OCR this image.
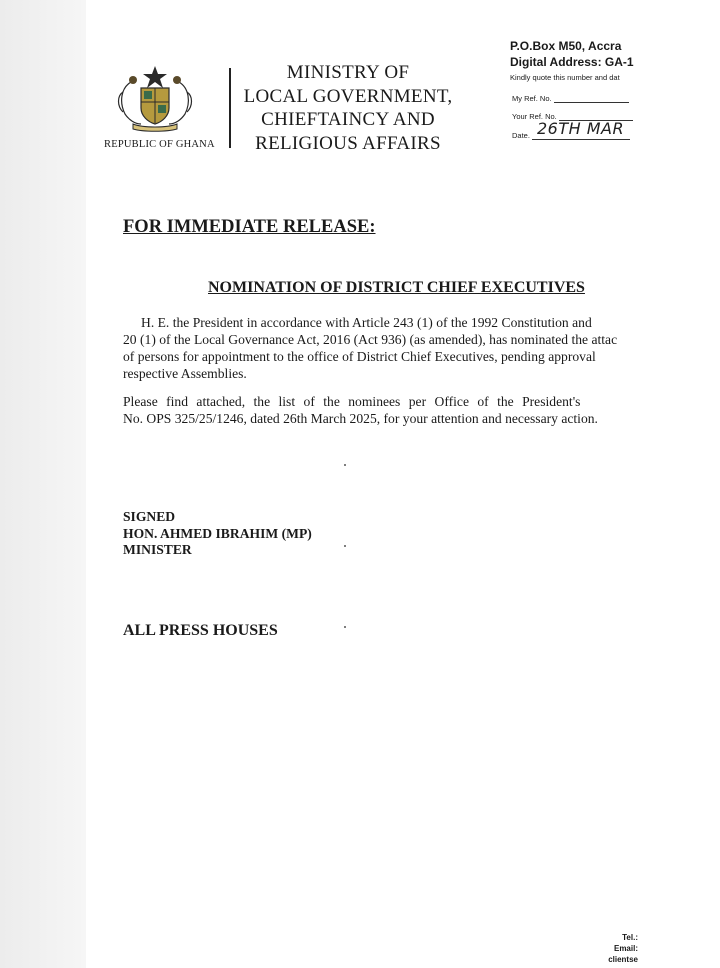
REPUBLIC OF GHANA
MINISTRY OF
LOCAL GOVERNMENT,
CHIEFTAINCY AND
RELIGIOUS AFFAIRS
P.O.Box M50, Accra
Digital Address: GA-1
Kindly quote this number and dat
My Ref. No.
Your Ref. No.
Date. 26TH MAR
FOR IMMEDIATE RELEASE:
NOMINATION OF DISTRICT CHIEF EXECUTIVES
H. E. the President in accordance with Article 243 (1) of the 1992 Constitution and
20 (1) of the Local Governance Act, 2016 (Act 936) (as amended), has nominated the attac
of persons for appointment to the office of District Chief Executives, pending approval
respective Assemblies.
Please find attached, the list of the nominees per Office of the President's
No. OPS 325/25/1246, dated 26th March 2025, for your attention and necessary action.
SIGNED
HON. AHMED IBRAHIM (MP)
MINISTER
ALL PRESS HOUSES
Tel.:
Email: clientse
